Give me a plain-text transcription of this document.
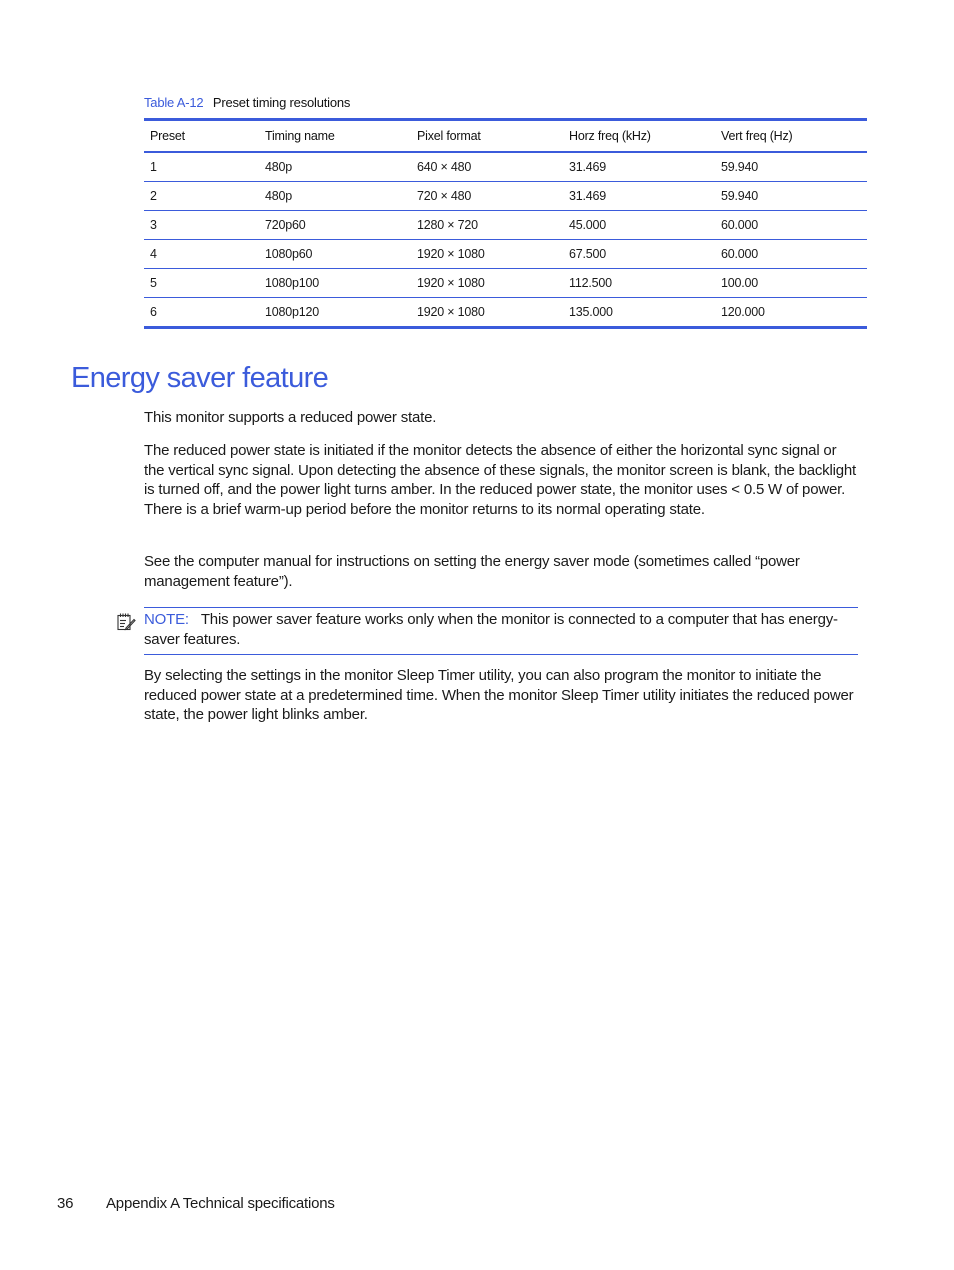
Table A-12 Preset timing resolutions
Preset	Timing name	Pixel format	Horz freq (kHz)	Vert freq (Hz)
1	480p	640 × 480	31.469	59.940
2	480p	720 × 480	31.469	59.940
3	720p60	1280 × 720	45.000	60.000
4	1080p60	1920 × 1080	67.500	60.000
5	1080p100	1920 × 1080	112.500	100.00
6	1080p120	1920 × 1080	135.000	120.000
Energy saver feature

This monitor supports a reduced power state.

The reduced power state is initiated if the monitor detects the absence of either the horizontal sync signal or the vertical sync signal. Upon detecting the absence of these signals, the monitor screen is blank, the backlight is turned off, and the power light turns amber. In the reduced power state, the monitor uses < 0.5 W of power. There is a brief warm-up period before the monitor returns to its normal operating state.

See the computer manual for instructions on setting the energy saver mode (sometimes called “power management feature”).

NOTE: This power saver feature works only when the monitor is connected to a computer that has energy-saver features.

By selecting the settings in the monitor Sleep Timer utility, you can also program the monitor to initiate the reduced power state at a predetermined time. When the monitor Sleep Timer utility initiates the reduced power state, the power light blinks amber.

36 Appendix A Technical specifications
